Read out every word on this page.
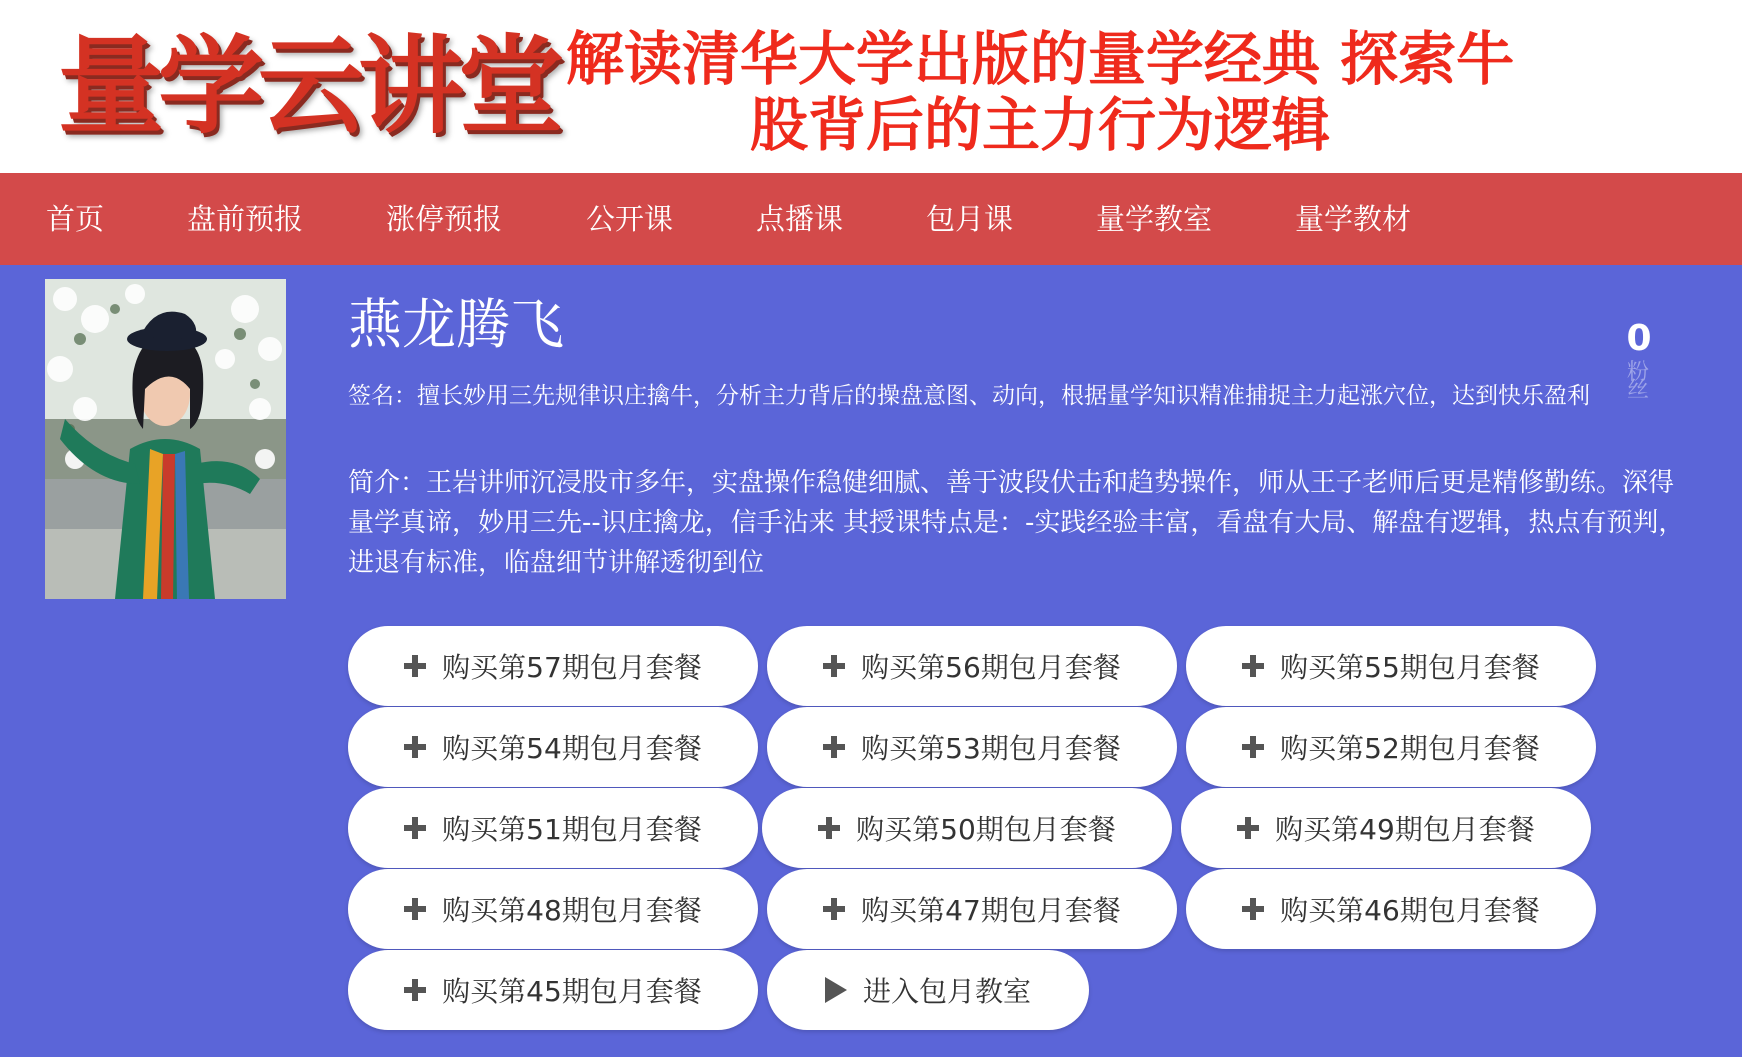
量学云讲堂 解读清华大学出版的量学经典 探索牛股背后的主力行为逻辑
首页	盘前预报	涨停预报	公开课	点播课	包月课	量学教室	量学教材
燕龙腾飞	0
粉丝
签名：擅长妙用三先规律识庄擒牛，分析主力背后的操盘意图、动向，根据量学知识精准捕捉主力起涨穴位，达到快乐盈利
简介：王岩讲师沉浸股市多年，实盘操作稳健细腻、善于波段伏击和趋势操作，师从王子老师后更是精修勤练。深得量学真谛，妙用三先--识庄擒龙，信手沾来 其授课特点是：-实践经验丰富，看盘有大局、解盘有逻辑，热点有预判，进退有标准，临盘细节讲解透彻到位
购买第57期包月套餐	购买第56期包月套餐	购买第55期包月套餐
购买第54期包月套餐	购买第53期包月套餐	购买第52期包月套餐
购买第51期包月套餐	购买第50期包月套餐	购买第49期包月套餐
购买第48期包月套餐	购买第47期包月套餐	购买第46期包月套餐
购买第45期包月套餐	进入包月教室
